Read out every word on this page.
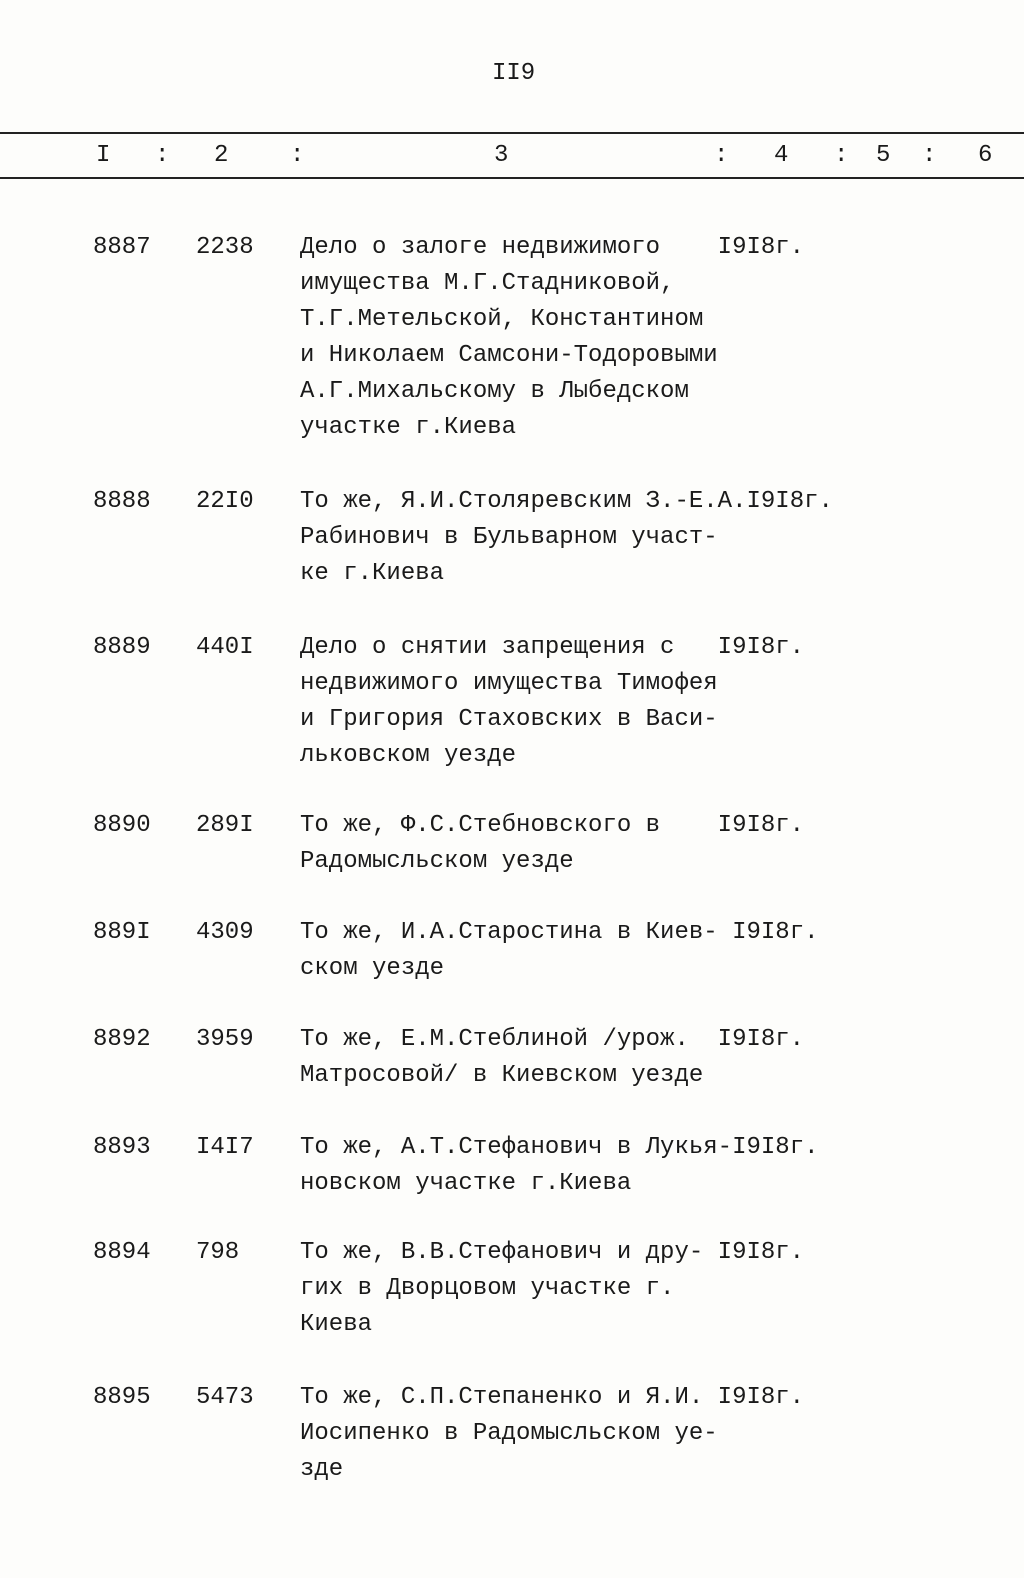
II9
I : 2	:	3	: 4 : 5 : 6
8887 2238 Дело о залоге недвижимого    I9I8г.
имущества М.Г.Стадниковой,
Т.Г.Метельской, Константином
и Николаем Самсони-Тодоровыми
А.Г.Михальскому в Лыбедском
участке г.Киева
8888 22I0 То же, Я.И.Столяревским З.-Е.А.I9I8г.
Рабинович в Бульварном участ-
ке г.Киева
8889 440I Дело о снятии запрещения с   I9I8г.
недвижимого имущества Тимофея
и Григория Стаховских в Васи-
льковском уезде
8890 289I То же, Ф.С.Стебновского в    I9I8г.
Радомысльском уезде
889I 4309 То же, И.А.Старостина в Киев- I9I8г.
ском уезде
8892 3959 То же, Е.М.Стеблиной /урож.  I9I8г.
Матросовой/ в Киевском уезде
8893 I4I7 То же, А.Т.Стефанович в Лукья-I9I8г.
новском участке г.Киева
8894 798	То же, В.В.Стефанович и дру- I9I8г.
гих в Дворцовом участке г.
Киева
8895 5473 То же, С.П.Степаненко и Я.И. I9I8г.
Иосипенко в Радомысльском уе-
зде
